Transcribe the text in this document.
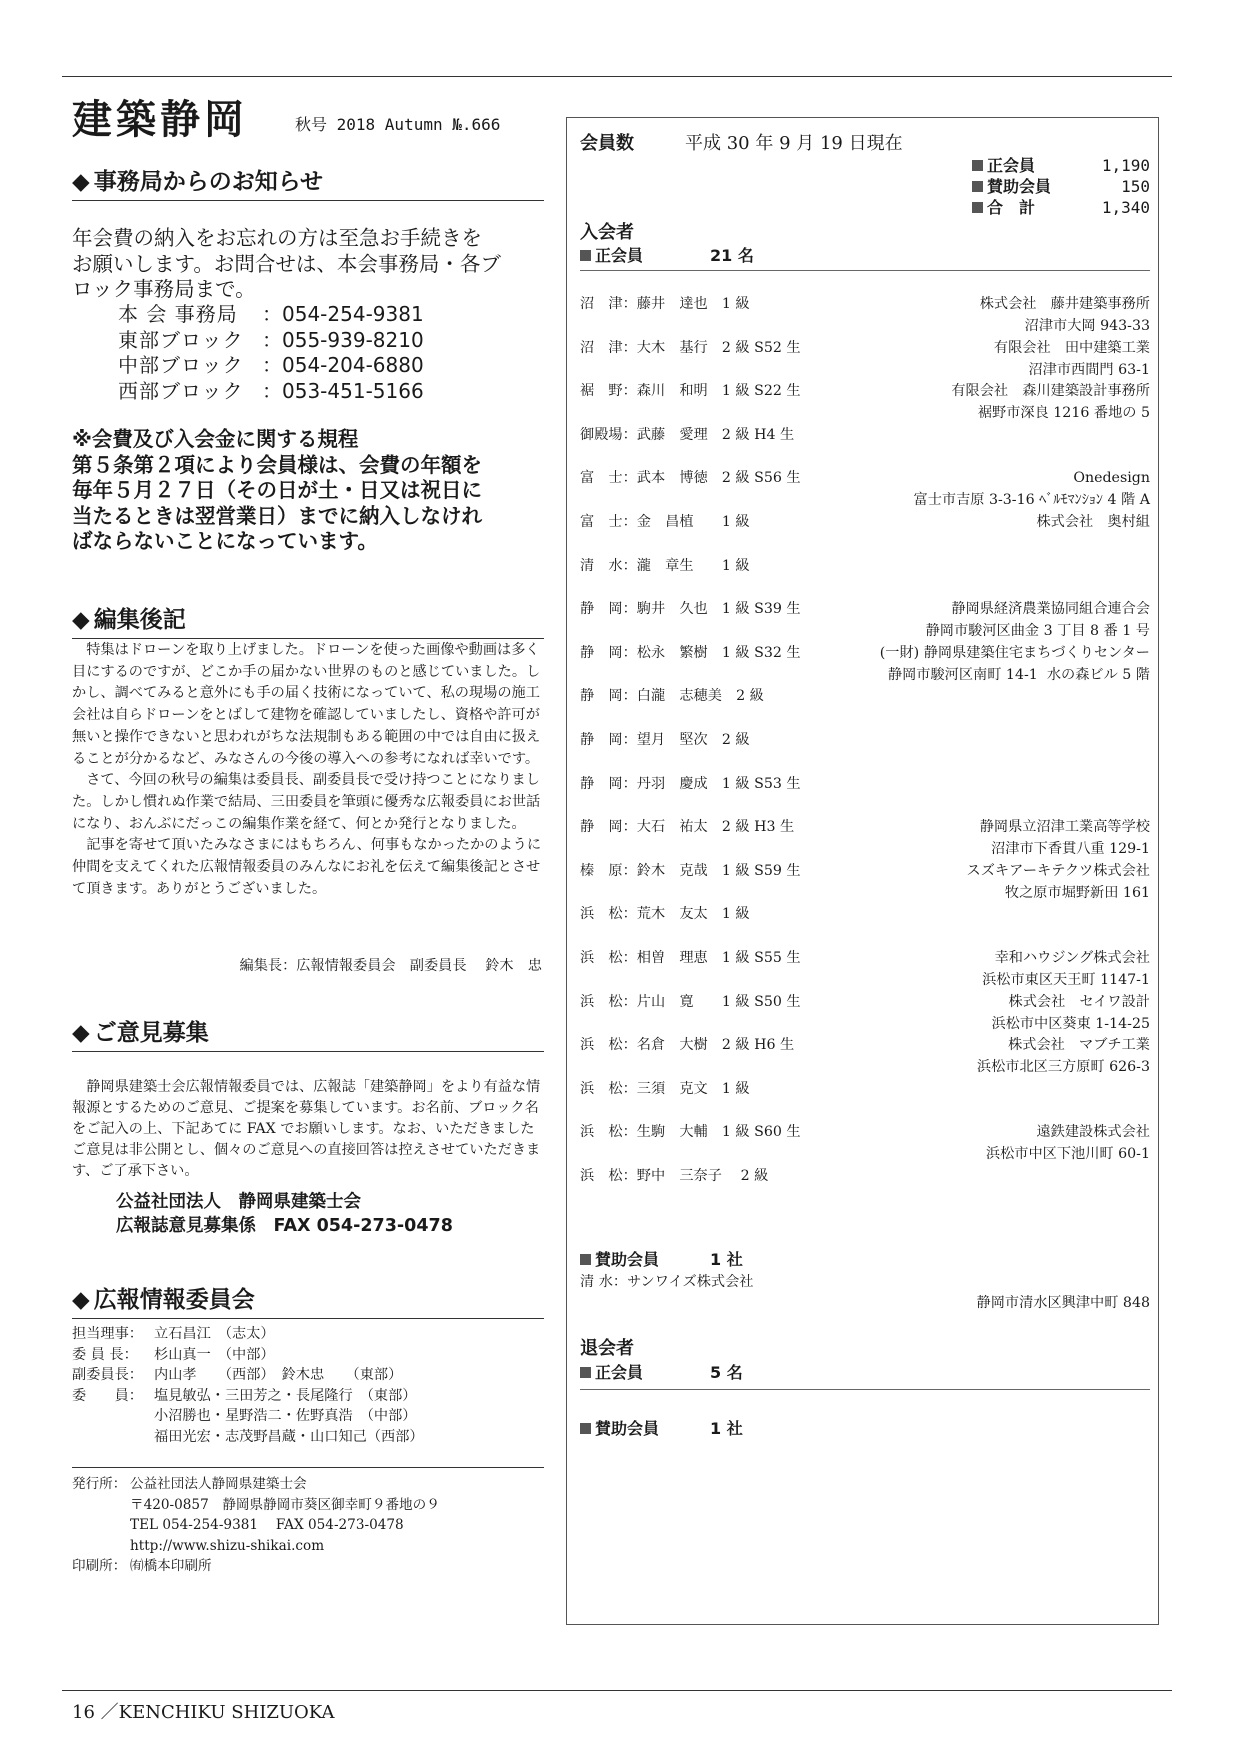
建築静岡	秋号 2018 Autumn №.666
◆ 事務局からのお知らせ
年会費の納入をお忘れの方は至急お手続きを
お願いします。お問合せは、本会事務局・各ブ
ロック事務局まで。
本 会 事務局	： 054-254-9381
東部ブロック ： 055-939-8210
中部ブロック ： 054-204-6880
西部ブロック ： 053-451-5166
※会費及び入会金に関する規程
第５条第２項により会員様は、会費の年額を
毎年５月２７日（その日が土・日又は祝日に
当たるときは翌営業日）までに納入しなけれ
ばならないことになっています。
◆ 編集後記

特集はドローンを取り上げました。ドローンを使った画像や動画は多く目にするのですが、どこか手の届かない世界のものと感じていました。しかし、調べてみると意外にも手の届く技術になっていて、私の現場の施工会社は自らドローンをとばして建物を確認していましたし、資格や許可が無いと操作できないと思われがちな法規制もある範囲の中では自由に扱えることが分かるなど、みなさんの今後の導入への参考になれば幸いです。

さて、今回の秋号の編集は委員長、副委員長で受け持つことになりました。しかし慣れぬ作業で結局、三田委員を筆頭に優秀な広報委員にお世話になり、おんぶにだっこの編集作業を経て、何とか発行となりました。

記事を寄せて頂いたみなさまにはもちろん、何事もなかったかのように仲間を支えてくれた広報情報委員のみんなにお礼を伝えて編集後記とさせて頂きます。ありがとうございました。

編集長：広報情報委員会　副委員長　 鈴木　忠
◆ ご意見募集

静岡県建築士会広報情報委員では、広報誌「建築静岡」をより有益な情報源とするためのご意見、ご提案を募集しています。お名前、ブロック名をご記入の上、下記あてに FAX でお願いします。なお、いただきましたご意見は非公開とし、個々のご意見への直接回答は控えさせていただきます、ご了承下さい。

公益社団法人　静岡県建築士会
広報誌意見募集係　FAX 054-273-0478
◆ 広報情報委員会
担当理事： 立石昌江　（志太）
委 員 長：	杉山真一　（中部）
副委員長： 内山孝　　（西部）　鈴木忠　　（東部）
委　　員： 塩見敏弘・三田芳之・長尾隆行　（東部）
小沼勝也・星野浩二・佐野真浩　（中部）
福田光宏・志茂野昌蔵・山口知己（西部）
発行所： 公益社団法人静岡県建築士会
〒420-0857　静岡県静岡市葵区御幸町９番地の９
TEL 054-254-9381　 FAX 054-273-0478
http://www.shizu-shikai.com
印刷所： ㈲橋本印刷所
16 ／KENCHIKU SHIZUOKA
会員数	平成 30 年 9 月 19 日現在
正会員	1,190
賛助会員	150
合　計	1,340
入会者
正会員	21 名
沼　津：藤井　達也　1 級	株式会社　藤井建築事務所
沼津市大岡 943-33
沼　津：大木　基行　2 級 S52 生	有限会社　田中建築工業
沼津市西間門 63-1
裾　野：森川　和明　1 級 S22 生	有限会社　森川建築設計事務所
裾野市深良 1216 番地の 5
御殿場：武藤　愛理　2 級 H4 生
富　士：武本　博徳　2 級 S56 生	Onedesign
富士市吉原 3-3-16 ﾍﾞﾙﾓﾏﾝｼｮﾝ 4 階 A
富　士：金　昌植　　1 級	株式会社　奥村組
清　水：瀧　章生　　1 級
静　岡：駒井　久也　1 級 S39 生	静岡県経済農業協同組合連合会
静岡市駿河区曲金 3 丁目 8 番 1 号
静　岡：松永　繁樹　1 級 S32 生	(一財) 静岡県建築住宅まちづくりセンター
静岡市駿河区南町 14-1  水の森ビル 5 階
静　岡：白瀧　志穂美　2 級
静　岡：望月　堅次　2 級
静　岡：丹羽　慶成　1 級 S53 生
静　岡：大石　祐太　2 級 H3 生	静岡県立沼津工業高等学校
沼津市下香貫八重 129-1
榛　原：鈴木　克哉　1 級 S59 生	スズキアーキテクツ株式会社
牧之原市堀野新田 161
浜　松：荒木　友太　1 級
浜　松：相曽　理恵　1 級 S55 生	幸和ハウジング株式会社
浜松市東区天王町 1147-1
浜　松：片山　寛　　1 級 S50 生	株式会社　セイワ設計
浜松市中区葵東 1-14-25
浜　松：名倉　大樹　2 級 H6 生	株式会社　マブチ工業
浜松市北区三方原町 626-3
浜　松：三須　克文　1 級
浜　松：生駒　大輔　1 級 S60 生	遠鉄建設株式会社
浜松市中区下池川町 60-1
浜　松：野中　三奈子　 2 級
賛助会員	1 社
清 水：サンワイズ株式会社
静岡市清水区興津中町 848
退会者
正会員	5 名
賛助会員	1 社
